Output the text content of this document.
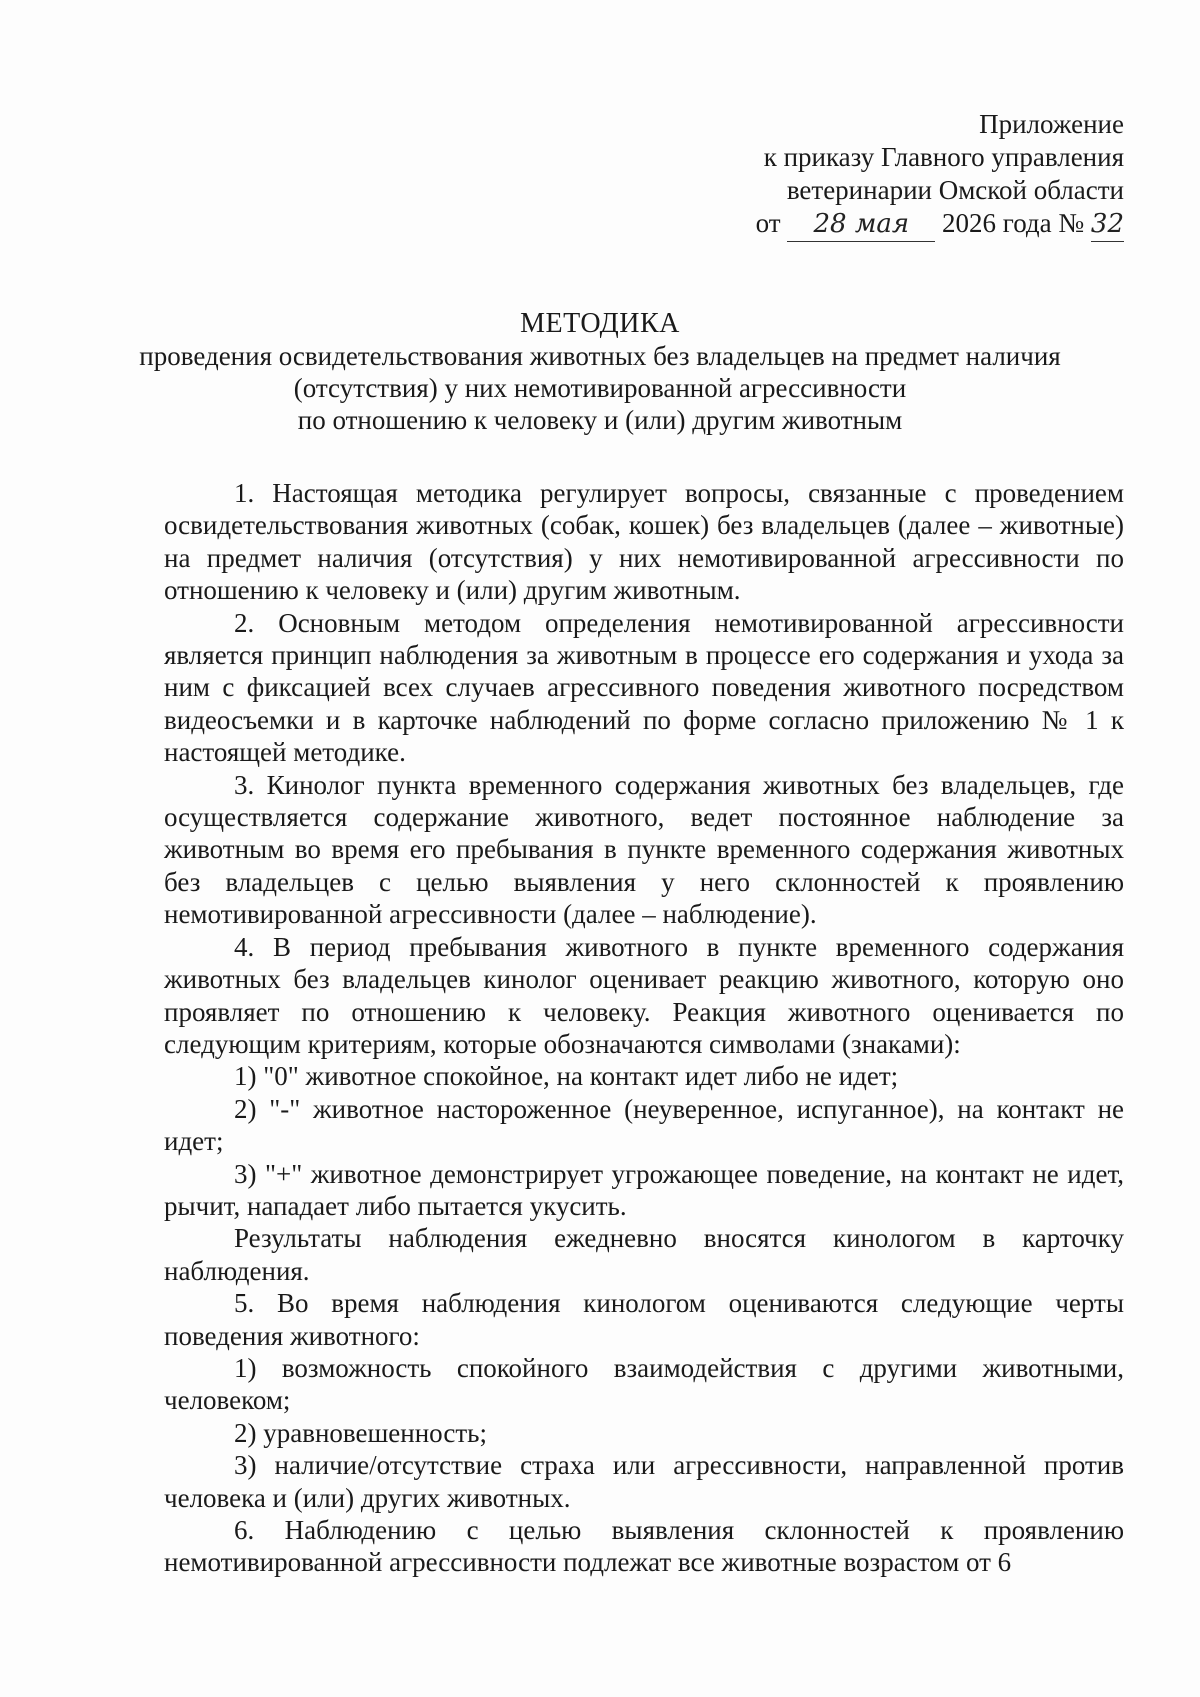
Приложение
к приказу Главного управления
ветеринарии Омской области
от 28 мая 2026 года № 32
МЕТОДИКА
проведения освидетельствования животных без владельцев на предмет наличия
(отсутствия) у них немотивированной агрессивности
по отношению к человеку и (или) другим животным

1. Настоящая методика регулирует вопросы, связанные с проведением освидетельствования животных (собак, кошек) без владельцев (далее – животные) на предмет наличия (отсутствия) у них немотивированной агрессивности по отношению к человеку и (или) другим животным.

2. Основным методом определения немотивированной агрессивности является принцип наблюдения за животным в процессе его содержания и ухода за ним с фиксацией всех случаев агрессивного поведения животного посредством видеосъемки и в карточке наблюдений по форме согласно приложению № 1 к настоящей методике.

3. Кинолог пункта временного содержания животных без владельцев, где осуществляется содержание животного, ведет постоянное наблюдение за животным во время его пребывания в пункте временного содержания животных без владельцев с целью выявления у него склонностей к проявлению немотивированной агрессивности (далее – наблюдение).

4. В период пребывания животного в пункте временного содержания животных без владельцев кинолог оценивает реакцию животного, которую оно проявляет по отношению к человеку. Реакция животного оценивается по следующим критериям, которые обозначаются символами (знаками):

1) "0" животное спокойное, на контакт идет либо не идет;

2) "-" животное настороженное (неуверенное, испуганное), на контакт не идет;

3) "+" животное демонстрирует угрожающее поведение, на контакт не идет, рычит, нападает либо пытается укусить.

Результаты наблюдения ежедневно вносятся кинологом в карточку наблюдения.

5. Во время наблюдения кинологом оцениваются следующие черты поведения животного:

1) возможность спокойного взаимодействия с другими животными, человеком;

2) уравновешенность;

3) наличие/отсутствие страха или агрессивности, направленной против человека и (или) других животных.

6. Наблюдению с целью выявления склонностей к проявлению немотивированной агрессивности подлежат все животные возрастом от 6
